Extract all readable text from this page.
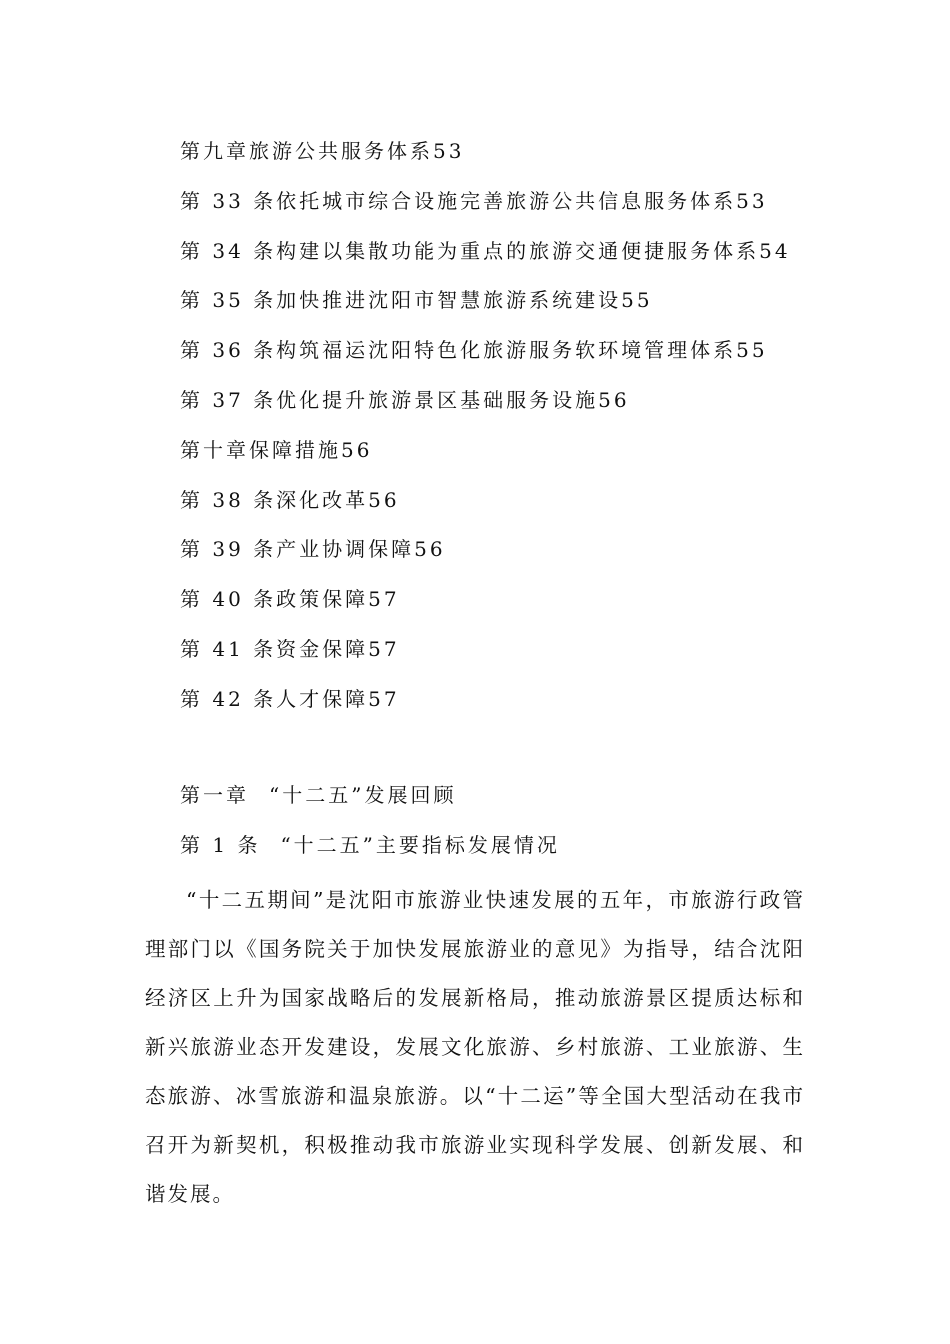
第九章旅游公共服务体系53
第 33 条依托城市综合设施完善旅游公共信息服务体系53
第 34 条构建以集散功能为重点的旅游交通便捷服务体系54
第 35 条加快推进沈阳市智慧旅游系统建设55
第 36 条构筑福运沈阳特色化旅游服务软环境管理体系55
第 37 条优化提升旅游景区基础服务设施56
第十章保障措施56
第 38 条深化改革56
第 39 条产业协调保障56
第 40 条政策保障57
第 41 条资金保障57
第 42 条人才保障57
第一章 “十二五”发展回顾
第 1 条 “十二五”主要指标发展情况

“十二五期间”是沈阳市旅游业快速发展的五年，市旅游行政管理部门以《国务院关于加快发展旅游业的意见》为指导，结合沈阳经济区上升为国家战略后的发展新格局，推动旅游景区提质达标和新兴旅游业态开发建设，发展文化旅游、乡村旅游、工业旅游、生态旅游、冰雪旅游和温泉旅游。以“十二运”等全国大型活动在我市召开为新契机，积极推动我市旅游业实现科学发展、创新发展、和谐发展。
